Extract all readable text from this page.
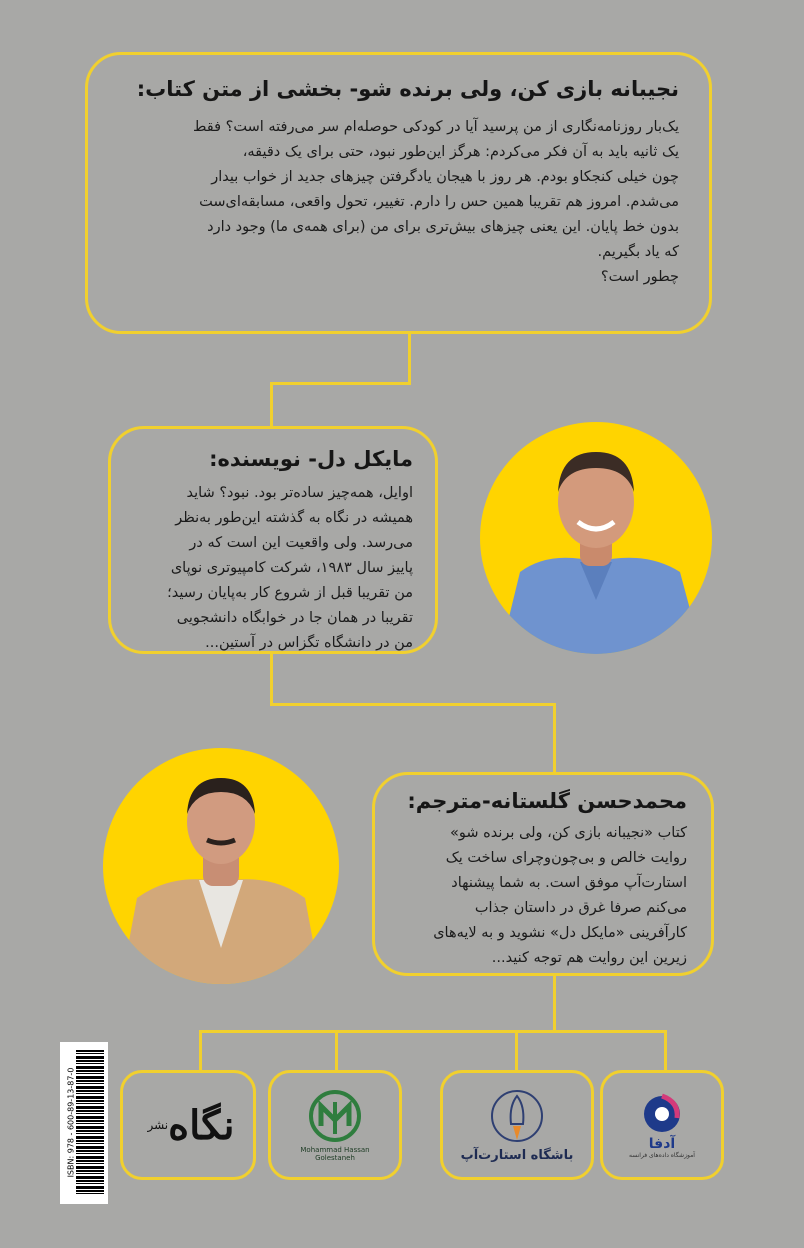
نجیبانه بازی کن، ولی برنده شو- بخشی از متن کتاب:

یک‌بار روزنامه‌نگاری از من پرسید آیا در کودکی حوصله‌ام سر می‌رفته است؟ فقط

یک ثانیه باید به آن فکر می‌کردم: هرگز این‌طور نبود، حتی برای یک دقیقه،

چون خیلی کنجکاو بودم. هر روز با هیجان یادگرفتن چیزهای جدید از خواب بیدار

می‌شدم. امروز هم تقریبا همین حس را دارم. تغییر، تحول واقعی، مسابقه‌ای‌ست

بدون خط پایان. این یعنی چیزهای بیش‌تری برای من (برای همه‌ی ما) وجود دارد

که یاد بگیریم.

چطور است؟

مایکل دل- نویسنده:

اوایل، همه‌چیز ساده‌تر بود. نبود؟ شاید

همیشه در نگاه به گذشته این‌طور به‌نظر

می‌رسد. ولی واقعیت این است که در

پاییز سال ۱۹۸۳، شرکت کامپیوتری نوپای

من تقریبا قبل از شروع کار به‌پایان رسید؛

تقریبا در همان جا در خوابگاه دانشجویی

من در دانشگاه تگزاس در آستین...

محمدحسن گلستانه-مترجم:

کتاب «نجیبانه بازی کن، ولی برنده شو»

روایت خالص و بی‌چون‌وچرای ساخت یک

استارت‌آپ موفق است. به شما پیشنهاد

می‌کنم صرفا غرق در داستان جذاب

کارآفرینی «مایکل دل» نشوید و به لایه‌های

زیرین این روایت هم توجه کنید...

ISBN: 978 - 600-89-13-87-0	نشر نگاه
Mohammad Hassan
Golestaneh	باشگاه استارت‌آپ
آدفا
آموزشگاه داده‌های فرانسه
